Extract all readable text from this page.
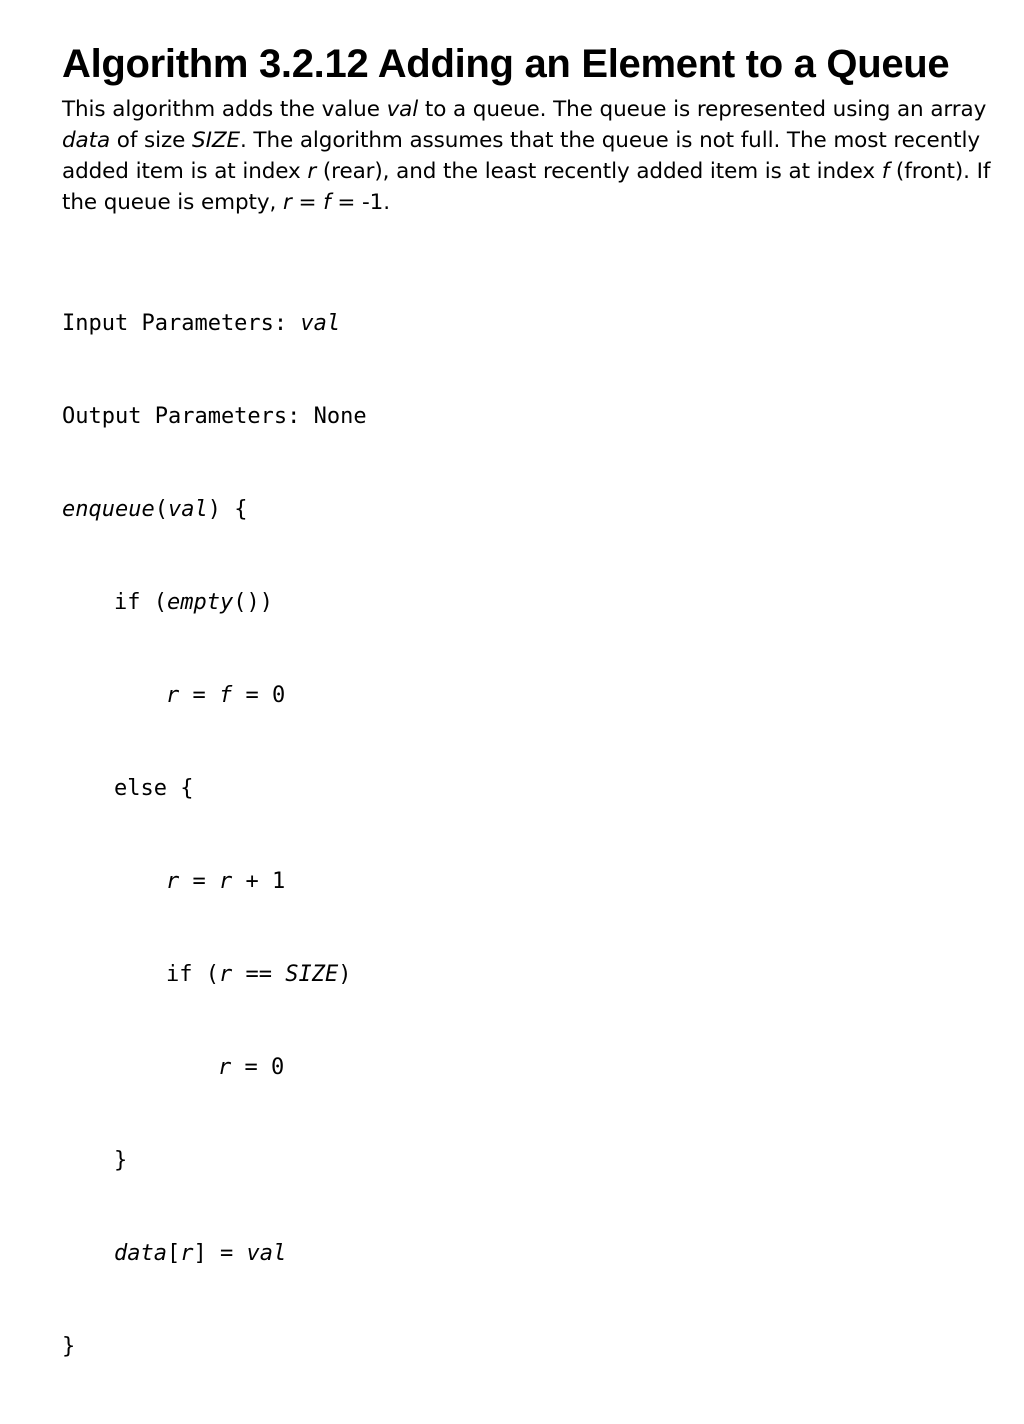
Algorithm 3.2.12 Adding an Element to a Queue
This algorithm adds the value val to a queue. The queue is represented using an array data of size SIZE. The algorithm assumes that the queue is not full. The most recently added item is at index r (rear), and the least recently added item is at index f (front). If the queue is empty, r = f = -1.

Input Parameters: val

Output Parameters: None

enqueue(val) {

if (empty())

r = f = 0

else {

r = r + 1

if (r == SIZE)

r = 0

}

data[r] = val

}
